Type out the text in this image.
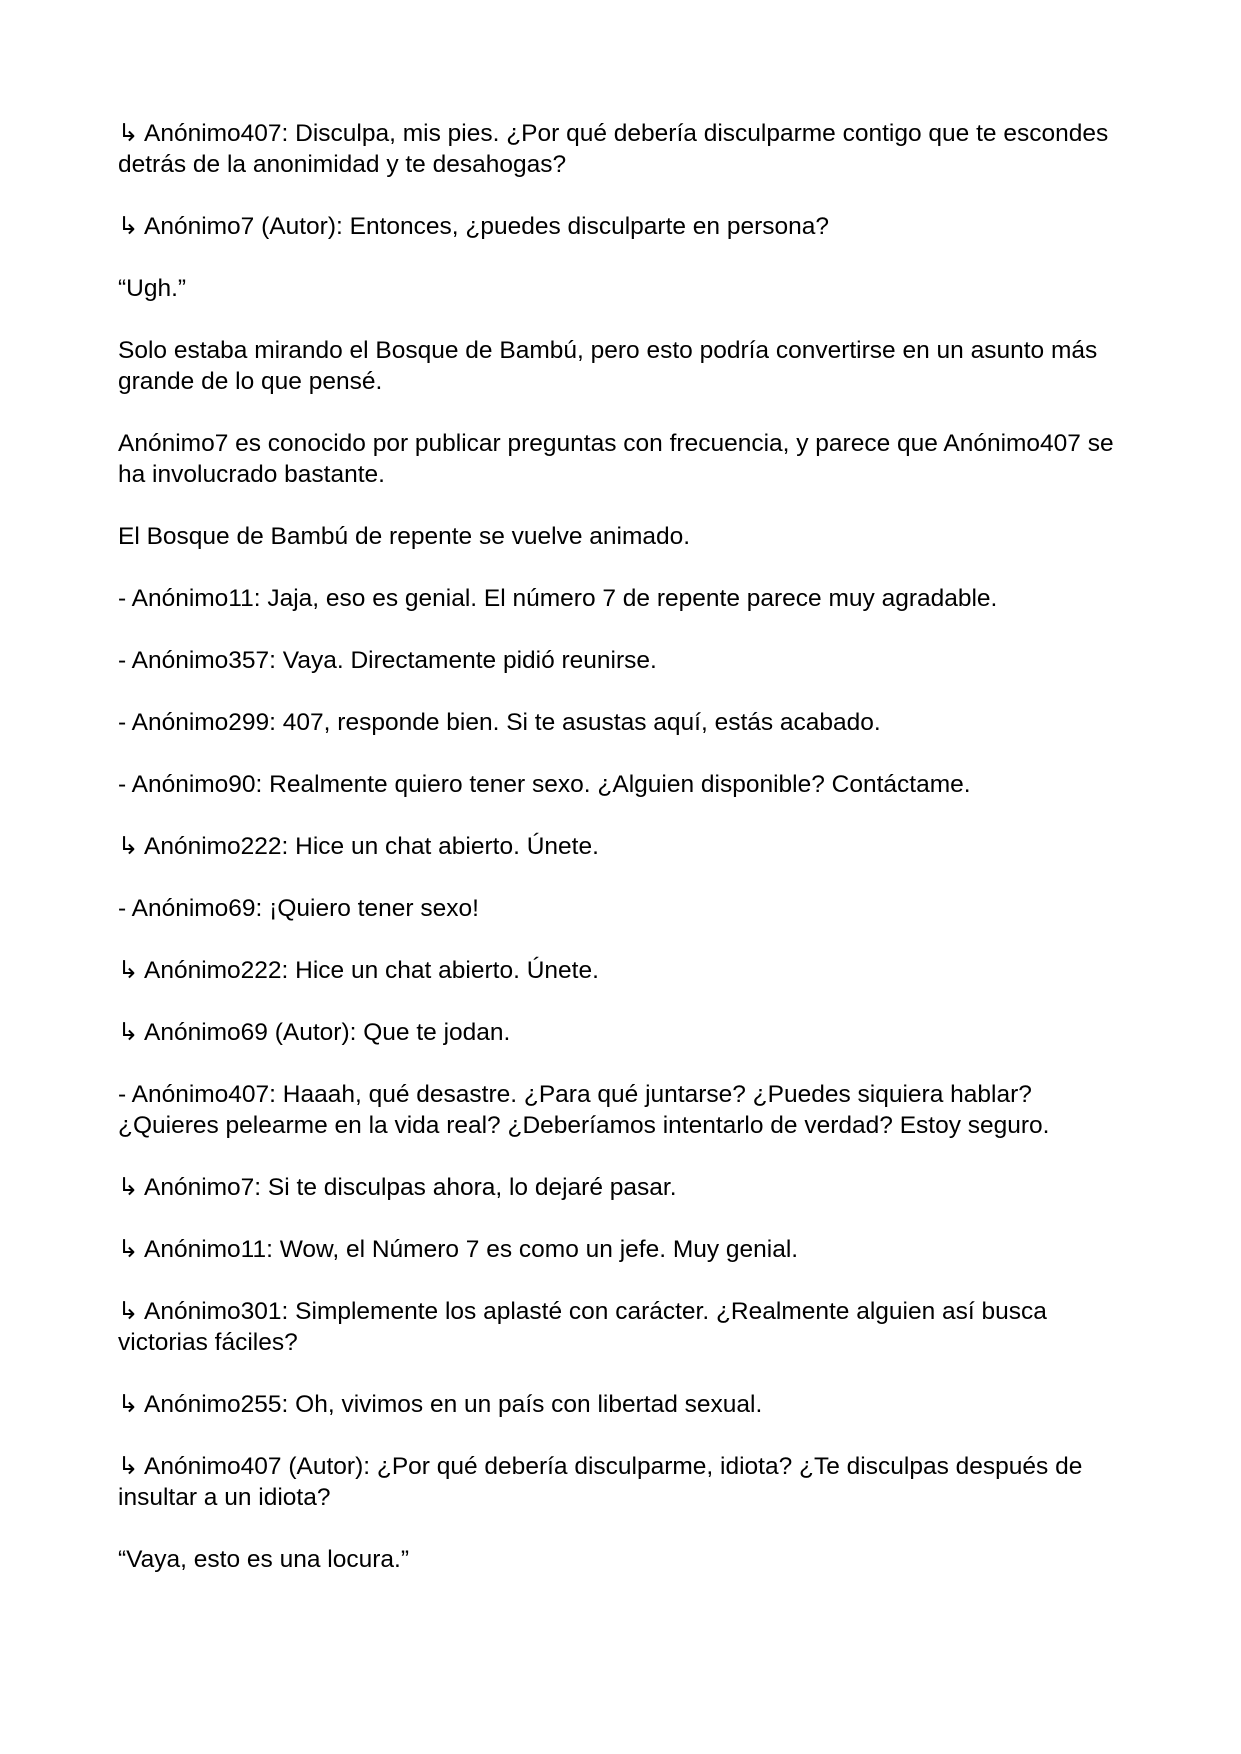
↳ Anónimo407: Disculpa, mis pies. ¿Por qué debería disculparme contigo que te escondes detrás de la anonimidad y te desahogas?

↳ Anónimo7 (Autor): Entonces, ¿puedes disculparte en persona?

“Ugh.”

Solo estaba mirando el Bosque de Bambú, pero esto podría convertirse en un asunto más grande de lo que pensé.

Anónimo7 es conocido por publicar preguntas con frecuencia, y parece que Anónimo407 se ha involucrado bastante.

El Bosque de Bambú de repente se vuelve animado.

- Anónimo11: Jaja, eso es genial. El número 7 de repente parece muy agradable.

- Anónimo357: Vaya. Directamente pidió reunirse.

- Anónimo299: 407, responde bien. Si te asustas aquí, estás acabado.

- Anónimo90: Realmente quiero tener sexo. ¿Alguien disponible? Contáctame.

↳ Anónimo222: Hice un chat abierto. Únete.

- Anónimo69: ¡Quiero tener sexo!

↳ Anónimo222: Hice un chat abierto. Únete.

↳ Anónimo69 (Autor): Que te jodan.

- Anónimo407: Haaah, qué desastre. ¿Para qué juntarse? ¿Puedes siquiera hablar? ¿Quieres pelearme en la vida real? ¿Deberíamos intentarlo de verdad? Estoy seguro.

↳ Anónimo7: Si te disculpas ahora, lo dejaré pasar.

↳ Anónimo11: Wow, el Número 7 es como un jefe. Muy genial.

↳ Anónimo301: Simplemente los aplasté con carácter. ¿Realmente alguien así busca victorias fáciles?

↳ Anónimo255: Oh, vivimos en un país con libertad sexual.

↳ Anónimo407 (Autor): ¿Por qué debería disculparme, idiota? ¿Te disculpas después de insultar a un idiota?

“Vaya, esto es una locura.”
